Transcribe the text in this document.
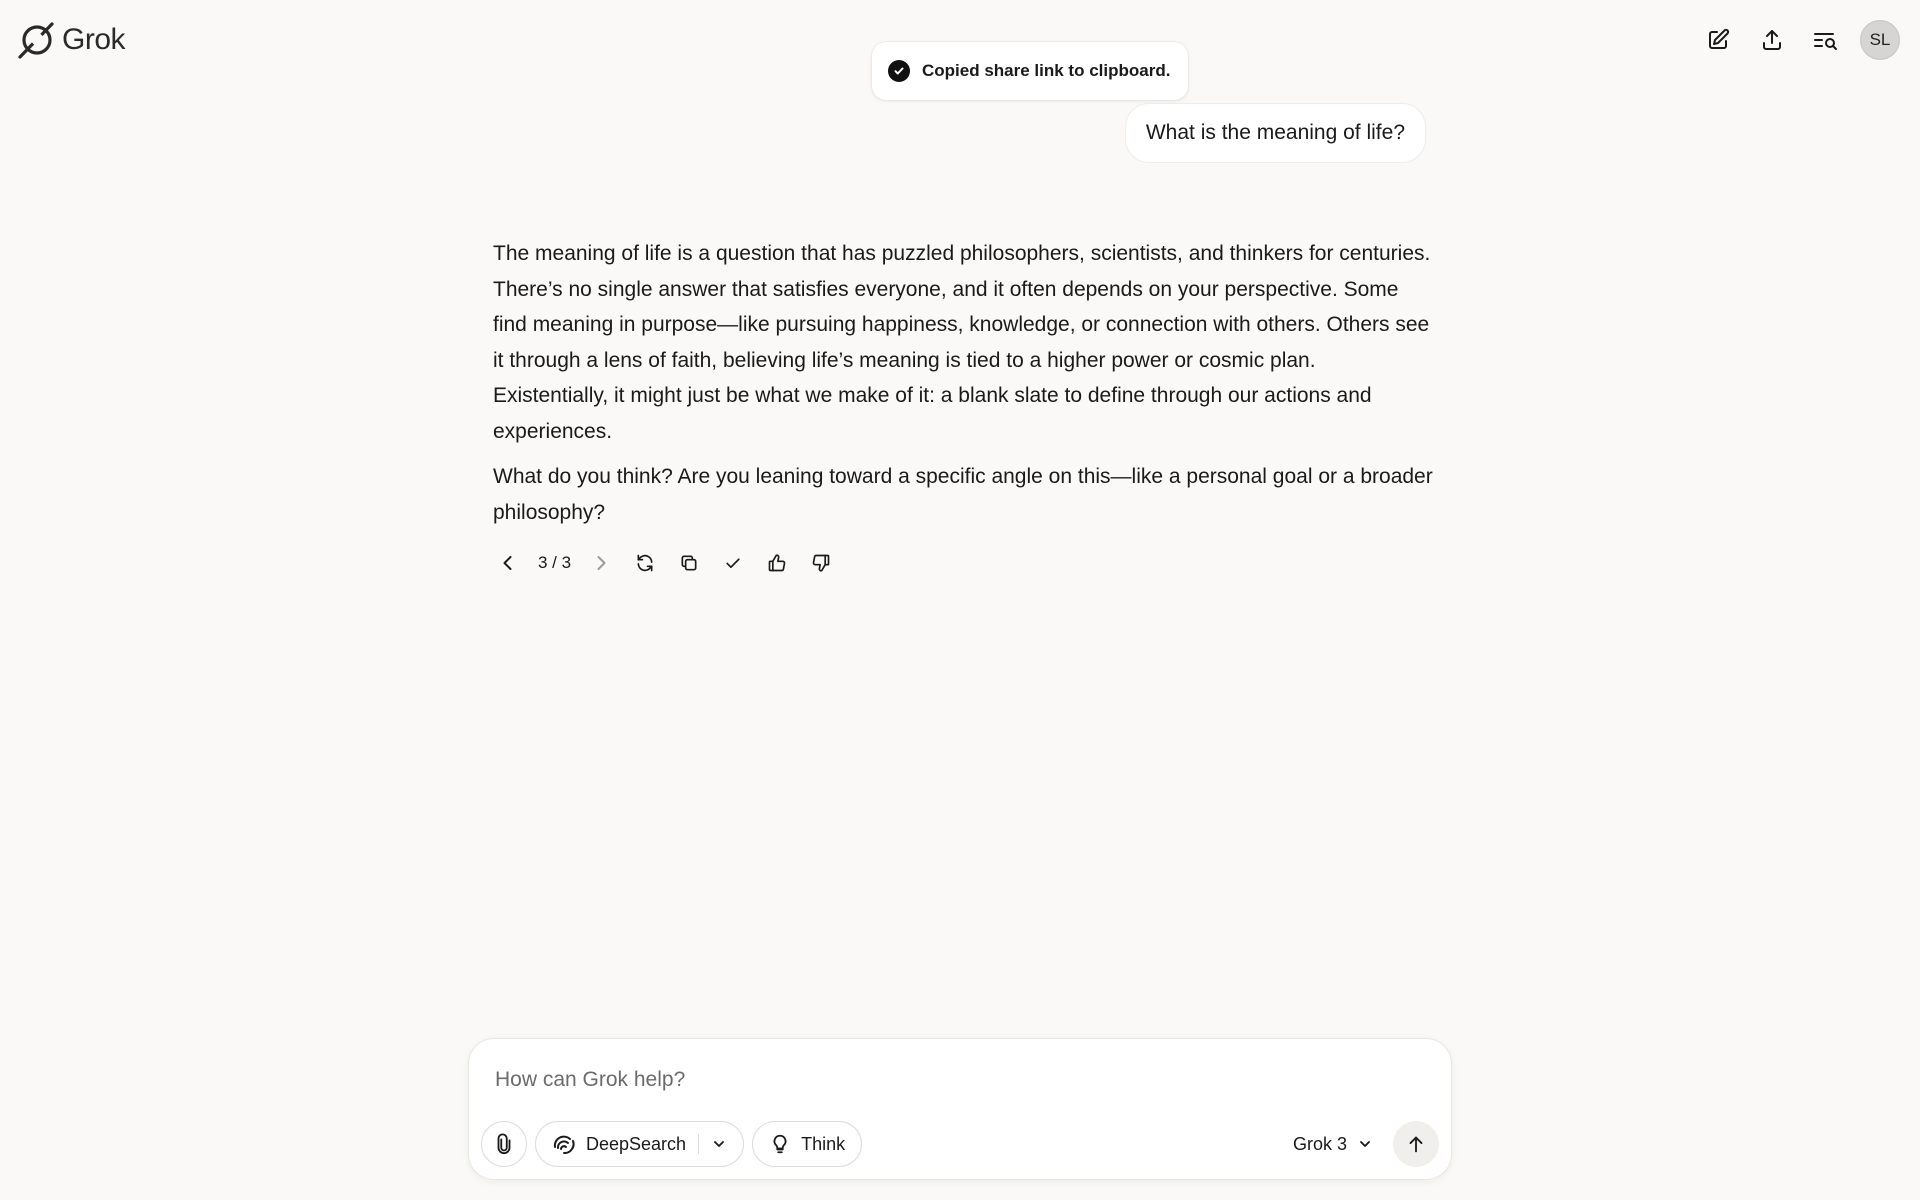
Grok	SL
Copied share link to clipboard.
What is the meaning of life?

The meaning of life is a question that has puzzled philosophers, scientists, and thinkers for centuries. There’s no single answer that satisfies everyone, and it often depends on your perspective. Some find meaning in purpose—like pursuing happiness, knowledge, or connection with others. Others see it through a lens of faith, believing life’s meaning is tied to a higher power or cosmic plan. Existentially, it might just be what we make of it: a blank slate to define through our actions and experiences.

What do you think? Are you leaning toward a specific angle on this—like a personal goal or a broader philosophy?

3 / 3
How can Grok help?
DeepSearch	Think	Grok 3
